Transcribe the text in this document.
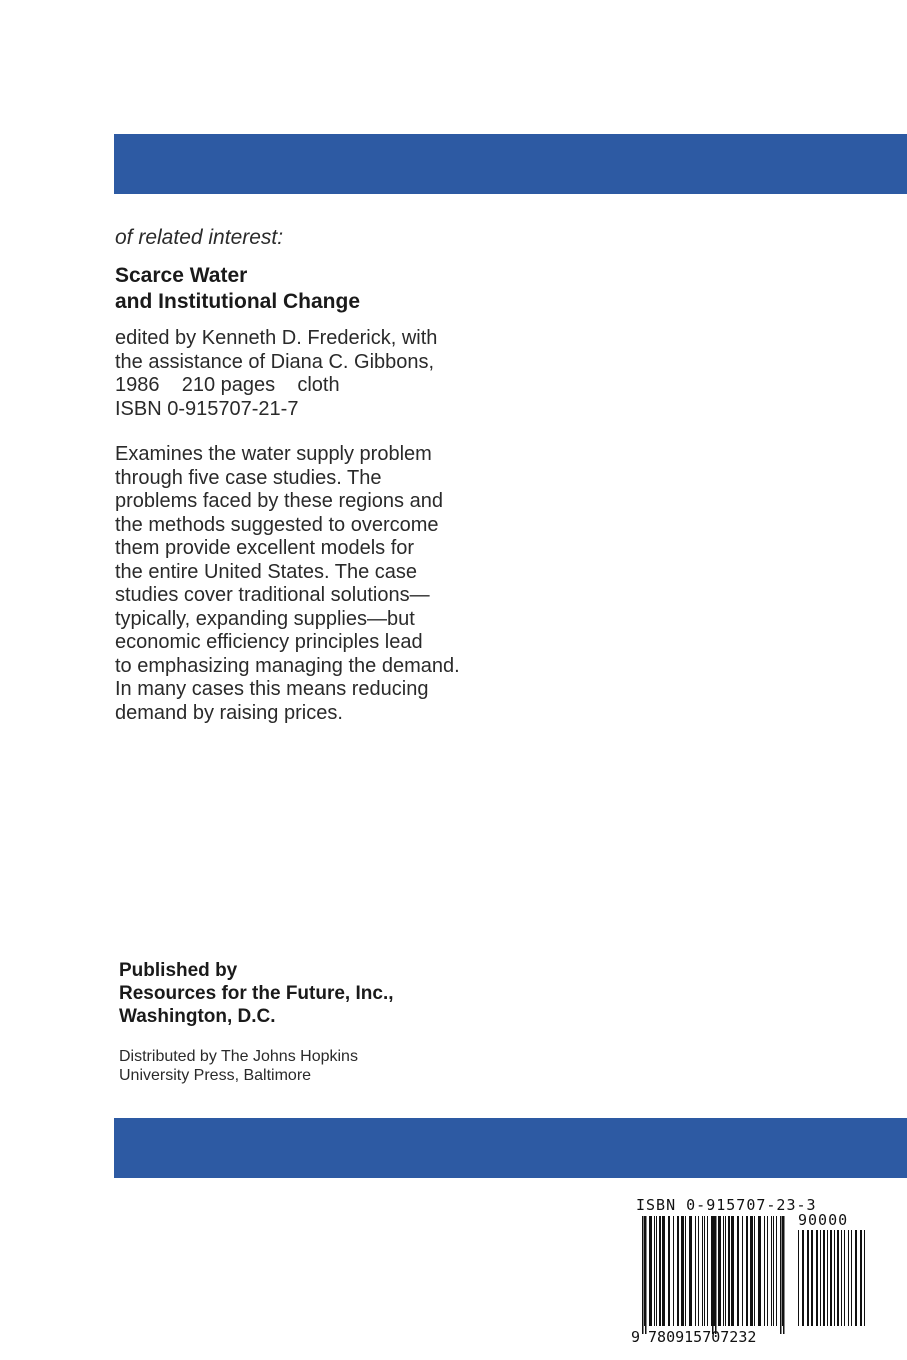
of related interest:
Scarce Water
and Institutional Change
edited by Kenneth D. Frederick, with
the assistance of Diana C. Gibbons,
1986    210 pages    cloth
ISBN 0-915707-21-7
Examines the water supply problem
through five case studies. The
problems faced by these regions and
the methods suggested to overcome
them provide excellent models for
the entire United States. The case
studies cover traditional solutions—
typically, expanding supplies—but
economic efficiency principles lead
to emphasizing managing the demand.
In many cases this means reducing
demand by raising prices.
Published by
Resources for the Future, Inc.,
Washington, D.C.
Distributed by The Johns Hopkins
University Press, Baltimore
ISBN 0-915707-23-3
90000
9 780915707232
